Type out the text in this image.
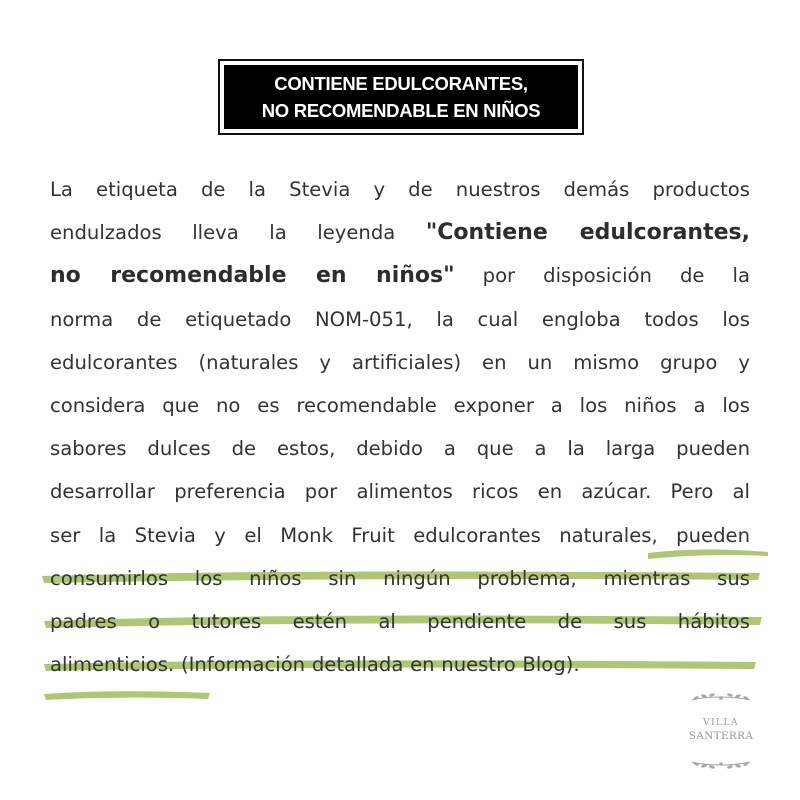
CONTIENE EDULCORANTES,
NO RECOMENDABLE EN NIÑOS
La etiqueta de la Stevia y de nuestros demás productos
endulzados lleva la leyenda "Contiene edulcorantes,
no recomendable en niños" por disposición de la
norma de etiquetado NOM-051, la cual engloba todos los
edulcorantes (naturales y artificiales) en un mismo grupo y
considera que no es recomendable exponer a los niños a los
sabores dulces de estos, debido a que a la larga pueden
desarrollar preferencia por alimentos ricos en azúcar. Pero al
ser la Stevia y el Monk Fruit edulcorantes naturales, pueden
consumirlos los niños sin ningún problema, mientras sus
padres o tutores estén al pendiente de sus hábitos
alimenticios. (Información detallada en nuestro Blog).
VILLA
SANTERRA
